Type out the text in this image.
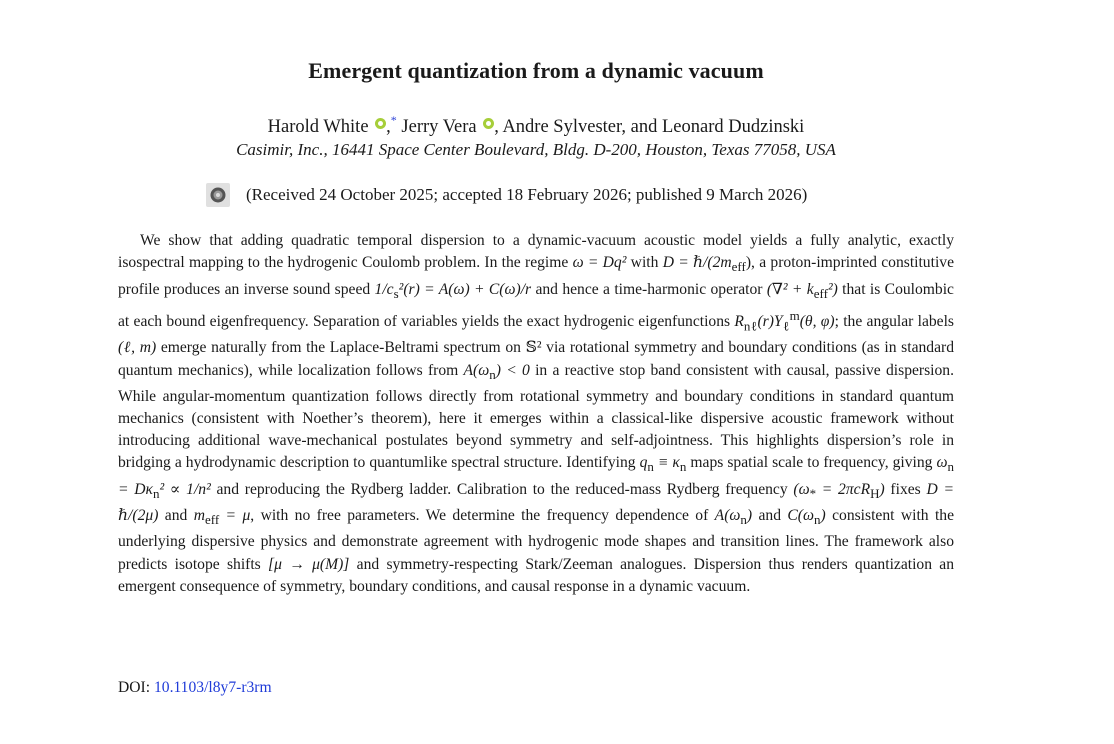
Emergent quantization from a dynamic vacuum
Harold White ,* Jerry Vera , Andre Sylvester, and Leonard Dudzinski
Casimir, Inc., 16441 Space Center Boulevard, Bldg. D-200, Houston, Texas 77058, USA
(Received 24 October 2025; accepted 18 February 2026; published 9 March 2026)

We show that adding quadratic temporal dispersion to a dynamic-vacuum acoustic model yields a fully analytic, exactly isospectral mapping to the hydrogenic Coulomb problem. In the regime ω = Dq² with $D = \hbar/(2m_{eff})$, a proton-imprinted constitutive profile produces an inverse sound speed $1/c_s^2(r) = A(\omega) + C(\omega)/r$ and hence a time-harmonic operator $(\nabla^2 + k_{eff}^2)$ that is Coulombic at each bound eigenfrequency. Separation of variables yields the exact hydrogenic eigenfunctions $R_{n\ell}(r)Y_\ell^m(\theta$, φ); the angular labels (ℓ, m) emerge naturally from the Laplace-Beltrami spectrum on 𝕊² via rotational symmetry and boundary conditions (as in standard quantum mechanics), while localization follows from $A(\omega_n) < 0$ in a reactive stop band consistent with causal, passive dispersion. While angular-momentum quantization follows directly from rotational symmetry and boundary conditions in standard quantum mechanics (consistent with Noether’s theorem), here it emerges within a classical-like dispersive acoustic framework without introducing additional wave-mechanical postulates beyond symmetry and self-adjointness. This highlights dispersion’s role in bridging a hydrodynamic description to quantumlike spectral structure. Identifying $q_n \equiv \kappa_n$ maps spatial scale to frequency, giving $\omega_n = D\kappa_n^2 \propto 1/n^2$ and reproducing the Rydberg ladder. Calibration to the reduced-mass Rydberg frequency $(\omega_* = 2\pi cR_H)$ fixes D = ℏ/(2μ) and $m_{eff} = \mu$, with no free parameters. We determine the frequency dependence of $A(\omega_n)$ and $C(\omega_n)$ consistent with the underlying dispersive physics and demonstrate agreement with hydrogenic mode shapes and transition lines. The framework also predicts isotope shifts [μ → μ(M)] and symmetry-respecting Stark/Zeeman analogues. Dispersion thus renders quantization an emergent consequence of symmetry, boundary conditions, and causal response in a dynamic vacuum.

DOI: 10.1103/l8y7-r3rm
